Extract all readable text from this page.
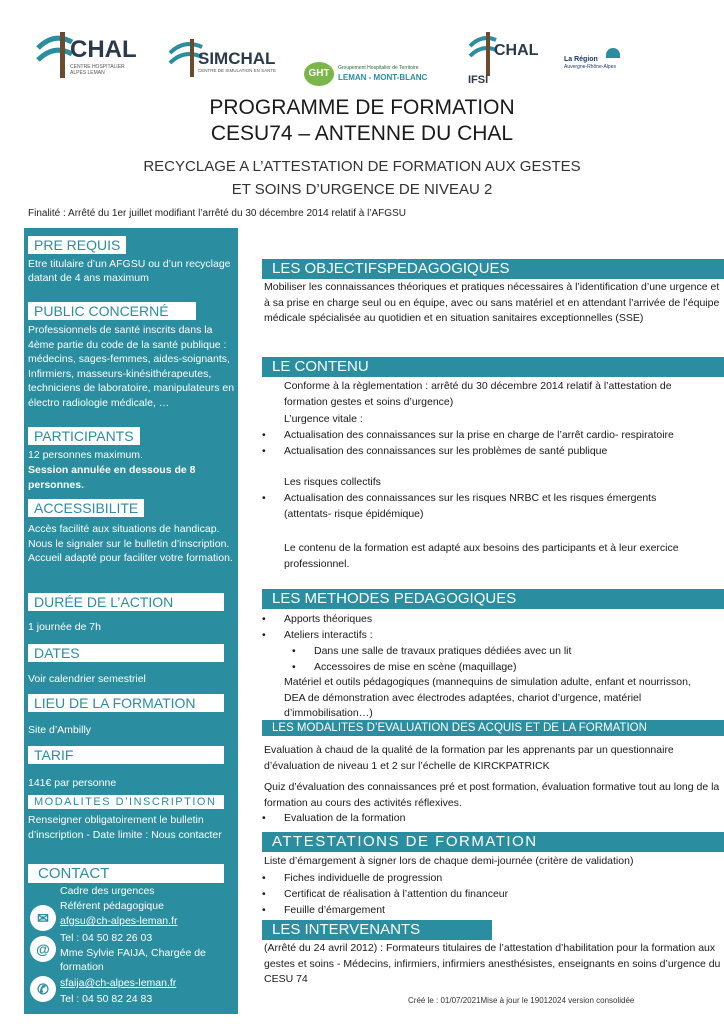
CHAL
CENTRE HOSPITALIER ALPES LEMAN
SIMCHAL
CENTRE DE SIMULATION EN SANTE	GHT	Groupement Hospitalier de Territoire
LEMAN - MONT-BLANC
CHAL
IFSI
La Région
Auvergne-Rhône-Alpes
PROGRAMME DE FORMATION
CESU74 – ANTENNE DU CHAL
RECYCLAGE A L’ATTESTATION DE FORMATION AUX GESTES
ET SOINS D’URGENCE DE NIVEAU 2
Finalité : Arrêté du 1er juillet modifiant l’arrêté du 30 décembre 2014 relatif à l’AFGSU
PRE REQUIS
Etre titulaire d’un AFGSU ou d’un recyclage datant de 4 ans maximum
PUBLIC CONCERNÉ
Professionnels de santé inscrits dans la 4ème partie du code de la santé publique : médecins, sages-femmes, aides-soignants, Infirmiers, masseurs-kinésithérapeutes, techniciens de laboratoire, manipulateurs en électro radiologie médicale, …
PARTICIPANTS
12 personnes maximum.
Session annulée en dessous de 8 personnes.
ACCESSIBILITE
Accès facilité aux situations de handicap. Nous le signaler sur le bulletin d’inscription. Accueil adapté pour faciliter votre formation.
DURÉE DE L’ACTION
1 journée de 7h
DATES
Voir calendrier semestriel
LIEU DE LA FORMATION
Site d’Ambilly
TARIF
141€ par personne
MODALITES D’INSCRIPTION
Renseigner obligatoirement le bulletin d’inscription - Date limite : Nous contacter
CONTACT
Cadre des urgences
Référent pédagogique
✉	afgsu@ch-alpes-leman.fr
Tel : 04 50 82 26 03
@ Mme Sylvie FAIJA, Chargée de formation
✆	sfaija@ch-alpes-leman.fr
Tel : 04 50 82 24 83
LES OBJECTIFSPEDAGOGIQUES
Mobiliser les connaissances théoriques et pratiques nécessaires à l’identification d’une urgence et à sa prise en charge seul ou en équipe, avec ou sans matériel et en attendant l’arrivée de l’équipe médicale spécialisée au quotidien et en situation sanitaires exceptionnelles (SSE)
LE CONTENU
Conforme à la règlementation : arrêté du 30 décembre 2014 relatif à l’attestation de formation gestes et soins d’urgence)
L’urgence vitale :
• Actualisation des connaissances sur la prise en charge de l’arrêt cardio- respiratoire
• Actualisation des connaissances sur les problèmes de santé publique
Les risques collectifs
• Actualisation des connaissances sur les risques NRBC et les risques émergents (attentats- risque épidémique)
Le contenu de la formation est adapté aux besoins des participants et à leur exercice professionnel.
LES METHODES PEDAGOGIQUES
• Apports théoriques
• Ateliers interactifs :
• Dans une salle de travaux pratiques dédiées avec un lit
• Accessoires de mise en scène (maquillage)
Matériel et outils pédagogiques (mannequins de simulation adulte, enfant et nourrisson, DEA de démonstration avec électrodes adaptées, chariot d’urgence, matériel d’immobilisation…)
LES MODALITES D’EVALUATION DES ACQUIS ET DE LA FORMATION
Evaluation à chaud de la qualité de la formation par les apprenants par un questionnaire d’évaluation de niveau 1 et 2 sur l’échelle de KIRCKPATRICK
Quiz d’évaluation des connaissances pré et post formation, évaluation formative tout au long de la formation au cours des activités réflexives.
• Evaluation de la formation
ATTESTATIONS DE FORMATION
Liste d’émargement à signer lors de chaque demi-journée (critère de validation)
• Fiches individuelle de progression
• Certificat de réalisation à l’attention du financeur
• Feuille d’émargement
LES INTERVENANTS
(Arrêté du 24 avril 2012) : Formateurs titulaires de l’attestation d’habilitation pour la formation aux gestes et soins - Médecins, infirmiers, infirmiers anesthésistes, enseignants en soins d’urgence du CESU 74
Créé le : 01/07/2021Mise à jour le 19012024 version consolidée
